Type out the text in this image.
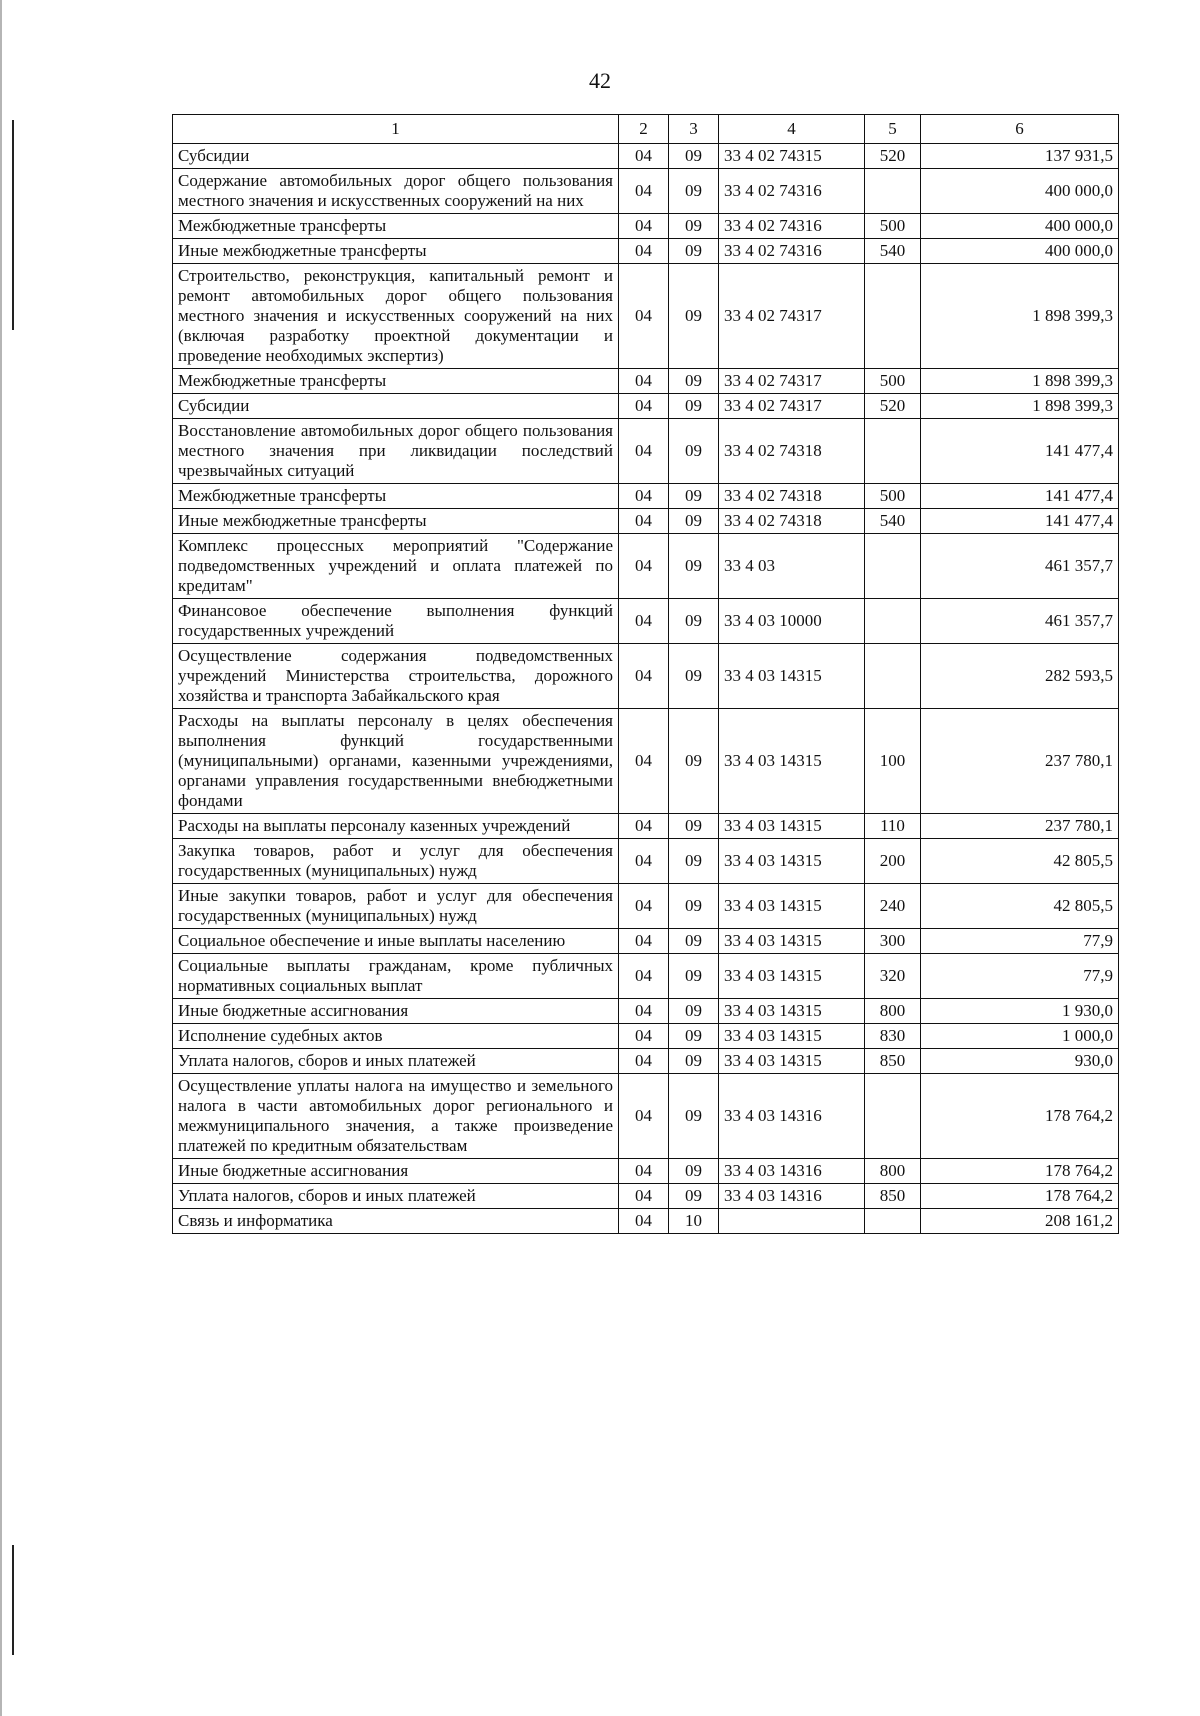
42
1	2	3	4	5	6
Субсидии	04	09	33 4 02 74315	520	137 931,5
Содержание автомобильных дорог общего пользования местного значения и искусственных сооружений на них	04	09	33 4 02 74316		400 000,0
Межбюджетные трансферты	04	09	33 4 02 74316	500	400 000,0
Иные межбюджетные трансферты	04	09	33 4 02 74316	540	400 000,0
Строительство, реконструкция, капитальный ремонт и ремонт автомобильных дорог общего пользования местного значения и искусственных сооружений на них (включая разработку проектной документации и проведение необходимых экспертиз)	04	09	33 4 02 74317		1 898 399,3
Межбюджетные трансферты	04	09	33 4 02 74317	500	1 898 399,3
Субсидии	04	09	33 4 02 74317	520	1 898 399,3
Восстановление автомобильных дорог общего пользования местного значения при ликвидации последствий чрезвычайных ситуаций	04	09	33 4 02 74318		141 477,4
Межбюджетные трансферты	04	09	33 4 02 74318	500	141 477,4
Иные межбюджетные трансферты	04	09	33 4 02 74318	540	141 477,4
Комплекс процессных мероприятий "Содержание подведомственных учреждений и оплата платежей по кредитам"	04	09	33 4 03		461 357,7
Финансовое обеспечение выполнения функций государственных учреждений	04	09	33 4 03 10000		461 357,7
Осуществление содержания подведомственных учреждений Министерства строительства, дорожного хозяйства и транспорта Забайкальского края	04	09	33 4 03 14315		282 593,5
Расходы на выплаты персоналу в целях обеспечения выполнения функций государственными (муниципальными) органами, казенными учреждениями, органами управления государственными внебюджетными фондами	04	09	33 4 03 14315	100	237 780,1
Расходы на выплаты персоналу казенных учреждений	04	09	33 4 03 14315	110	237 780,1
Закупка товаров, работ и услуг для обеспечения государственных (муниципальных) нужд	04	09	33 4 03 14315	200	42 805,5
Иные закупки товаров, работ и услуг для обеспечения государственных (муниципальных) нужд	04	09	33 4 03 14315	240	42 805,5
Социальное обеспечение и иные выплаты населению	04	09	33 4 03 14315	300	77,9
Социальные выплаты гражданам, кроме публичных нормативных социальных выплат	04	09	33 4 03 14315	320	77,9
Иные бюджетные ассигнования	04	09	33 4 03 14315	800	1 930,0
Исполнение судебных актов	04	09	33 4 03 14315	830	1 000,0
Уплата налогов, сборов и иных платежей	04	09	33 4 03 14315	850	930,0
Осуществление уплаты налога на имущество и земельного налога в части автомобильных дорог регионального и межмуниципального значения, а также произведение платежей по кредитным обязательствам	04	09	33 4 03 14316		178 764,2
Иные бюджетные ассигнования	04	09	33 4 03 14316	800	178 764,2
Уплата налогов, сборов и иных платежей	04	09	33 4 03 14316	850	178 764,2
Связь и информатика	04	10			208 161,2
